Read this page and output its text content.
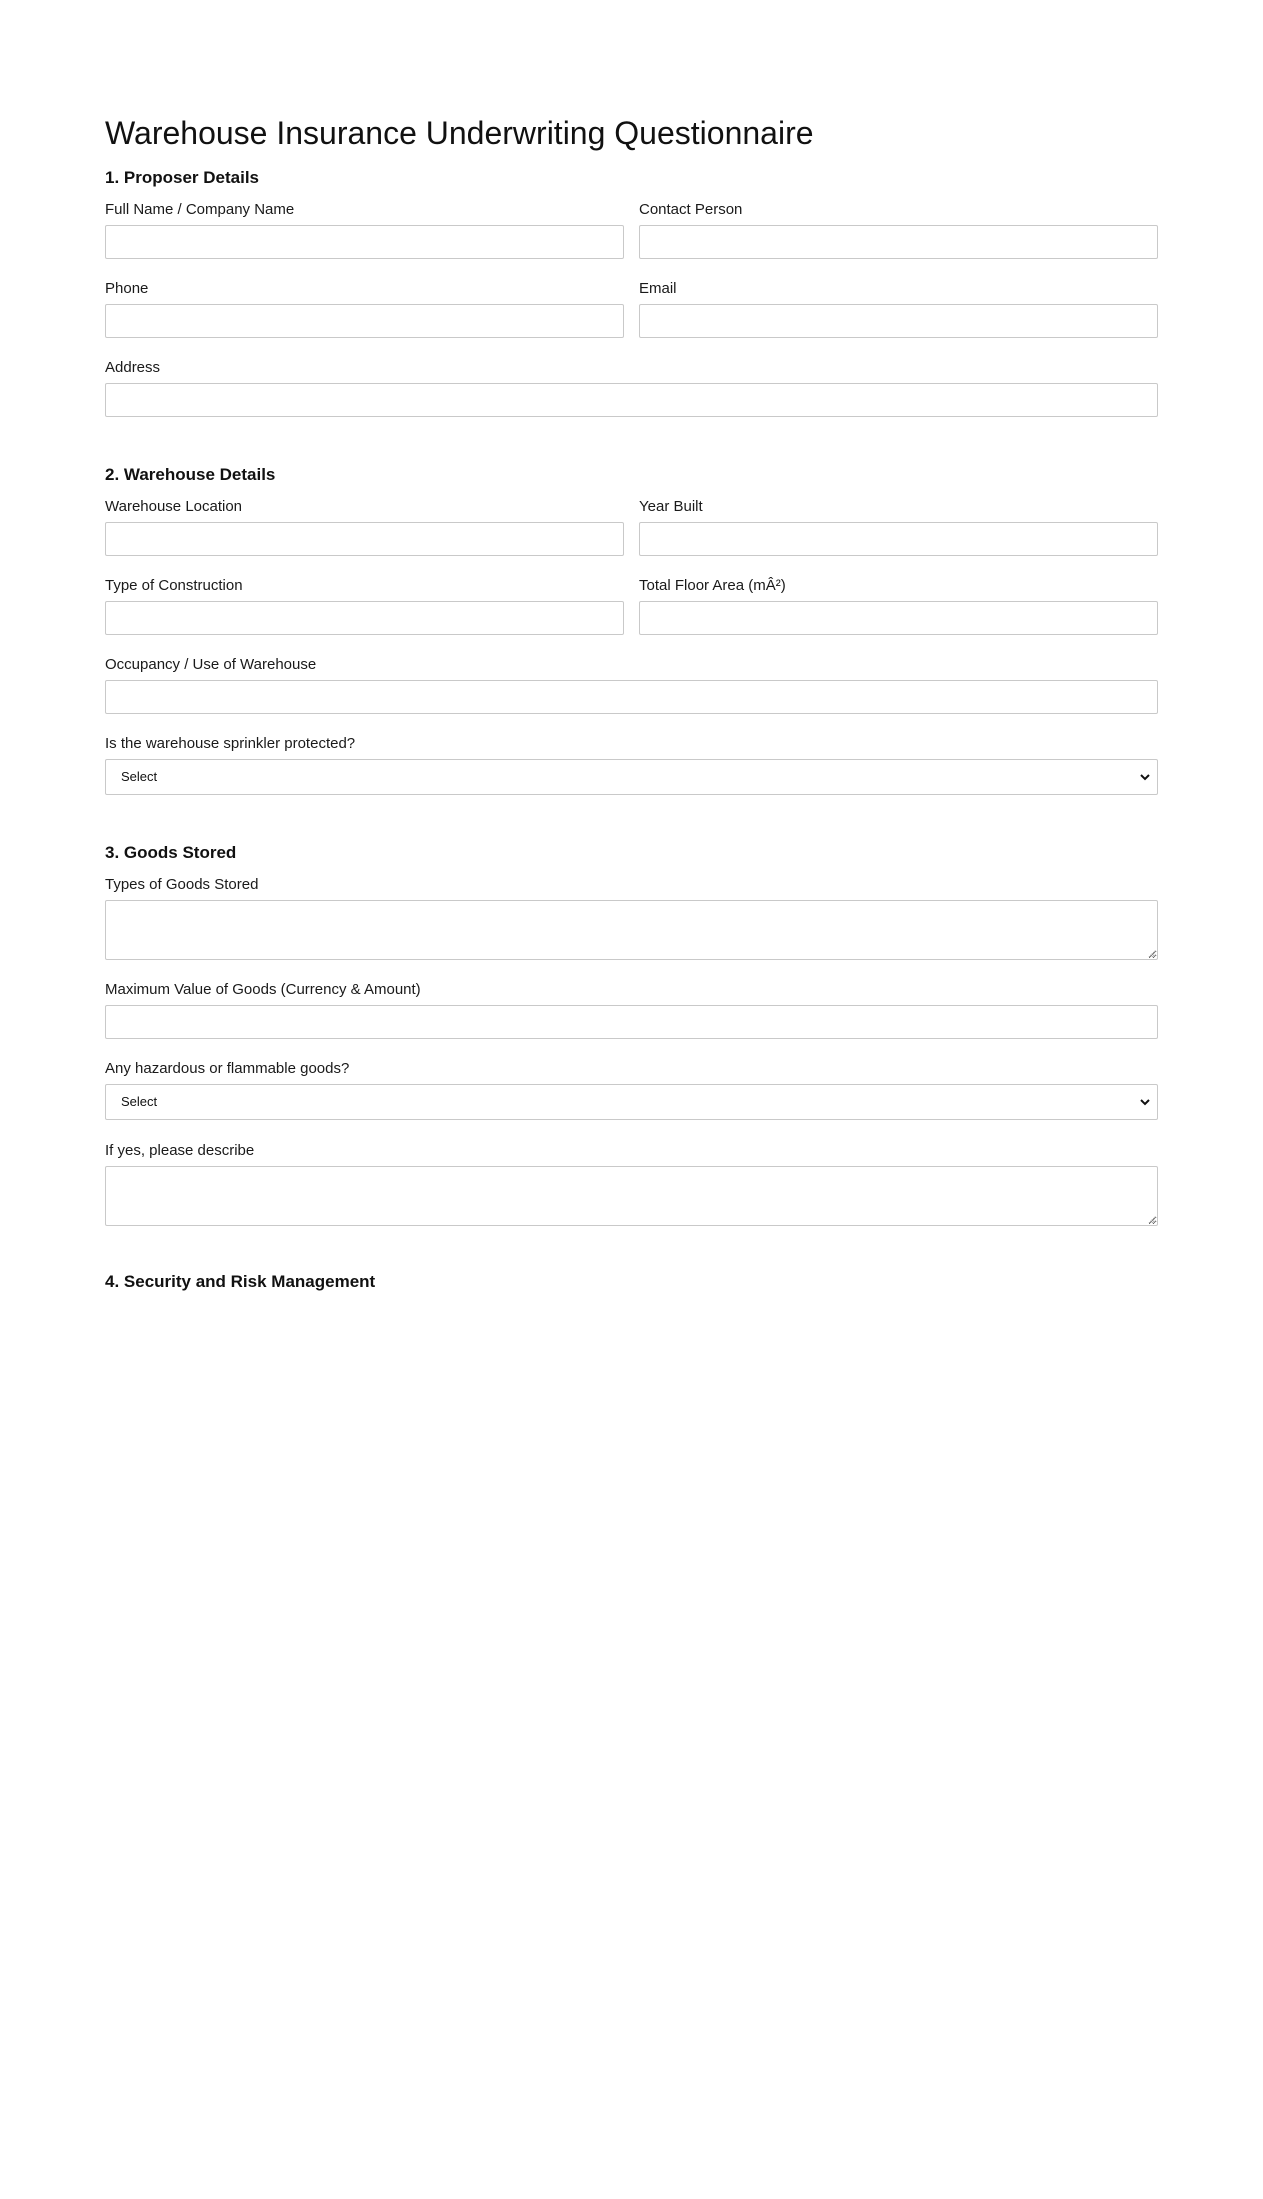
Warehouse Insurance Underwriting Questionnaire
1. Proposer Details
Full Name / Company Name	Contact Person
Phone	Email
Address
2. Warehouse Details
Warehouse Location	Year Built
Type of Construction	Total Floor Area (mÂ²)
Occupancy / Use of Warehouse
Is the warehouse sprinkler protected?
Select
3. Goods Stored
Types of Goods Stored
Maximum Value of Goods (Currency & Amount)
Any hazardous or flammable goods?
Select
If yes, please describe
4. Security and Risk Management
